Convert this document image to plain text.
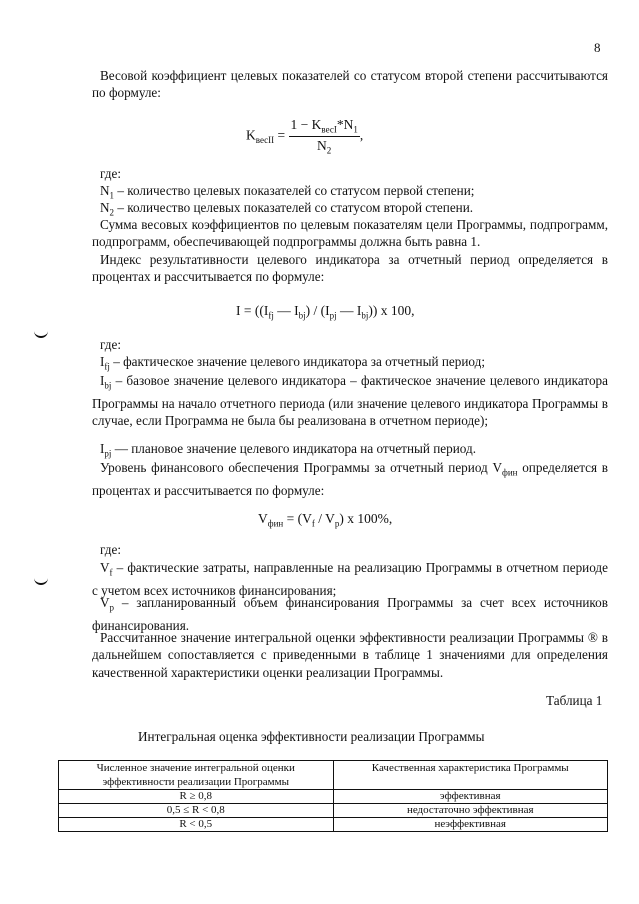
8

Весовой коэффициент целевых показателей со статусом второй степени рассчитываются по формуле:

$K_{весII} = \frac{1 - K_{весI}*N_1}{N_2}$ ,
где:
$N_1$ – количество целевых показателей со статусом первой степени;
$N_2$ – количество целевых показателей со статусом второй степени.

Сумма весовых коэффициентов по целевым показателям цели Программы, подпрограмм, подпрограмм, обеспечивающей подпрограммы должна быть равна 1.

Индекс результативности целевого индикатора за отчетный период определяется в процентах и рассчитывается по формуле:

$I = ((I_{fj}$ — $I_{bj}) / (I_{pj}$ — $I_{bj}$)) x 100,
где:
$I_{fj}$ – фактическое значение целевого индикатора за отчетный период;

$I_{bj}$ – базовое значение целевого индикатора – фактическое значение целевого индикатора Программы на начало отчетного периода (или значение целевого индикатора Программы в случае, если Программа не была бы реализована в отчетном периоде);

$I_{pj}$ — плановое значение целевого индикатора на отчетный период.

Уровень финансового обеспечения Программы за отчетный период $V_{фин}$ определяется в процентах и рассчитывается по формуле:

$V_{фин} = (V_f / V_p)$ x 100%,
где:

$V_f$ – фактические затраты, направленные на реализацию Программы в отчетном периоде с учетом всех источников финансирования;

$V_p$ – запланированный объем финансирования Программы за счет всех источников финансирования.

Рассчитанное значение интегральной оценки эффективности реализации Программы ® в дальнейшем сопоставляется с приведенными в таблице 1 значениями для определения качественной характеристики оценки реализации Программы.

Таблица 1
Интегральная оценка эффективности реализации Программы
Численное значение интегральной оценки эффективности реализации Программы	Качественная характеристика Программы
R ≥ 0,8	эффективная
0,5 ≤ R < 0,8	недостаточно эффективная
R < 0,5	неэффективная
